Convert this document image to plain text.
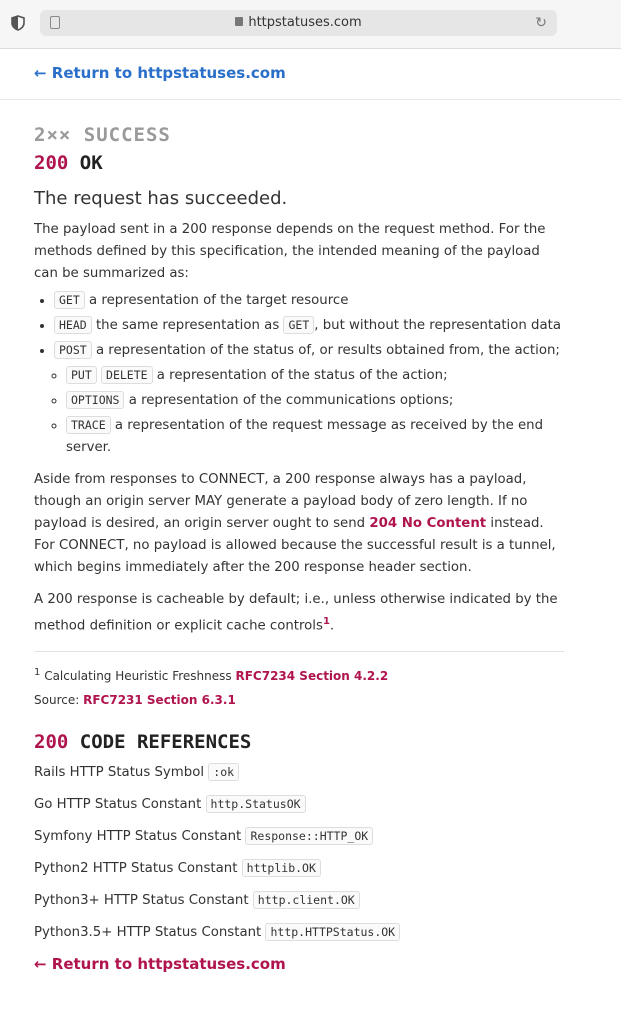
httpstatuses.com	↻
← Return to httpstatuses.com
2×× SUCCESS
200 OK
The request has succeeded.

The payload sent in a 200 response depends on the request method. For the methods defined by this specification, the intended meaning of the payload can be summarized as:

• GET a representation of the target resource
• HEAD the same representation as GET , but without the representation data
• POST a representation of the status of, or results obtained from, the action;
◦ PUT DELETE a representation of the status of the action;
◦ OPTIONS a representation of the communications options;
◦ TRACE a representation of the request message as received by the end server.

Aside from responses to CONNECT, a 200 response always has a payload, though an origin server MAY generate a payload body of zero length. If no payload is desired, an origin server ought to send 204 No Content instead. For CONNECT, no payload is allowed because the successful result is a tunnel, which begins immediately after the 200 response header section.

A 200 response is cacheable by default; i.e., unless otherwise indicated by the method definition or explicit cache controls$^1$.

$^1$ Calculating Heuristic Freshness RFC7234 Section 4.2.2
Source: RFC7231 Section 6.3.1
200 CODE REFERENCES
Rails HTTP Status Symbol :ok
Go HTTP Status Constant http.StatusOK
Symfony HTTP Status Constant Response::HTTP_OK
Python2 HTTP Status Constant httplib.OK
Python3+ HTTP Status Constant http.client.OK
Python3.5+ HTTP Status Constant http.HTTPStatus.OK
← Return to httpstatuses.com
